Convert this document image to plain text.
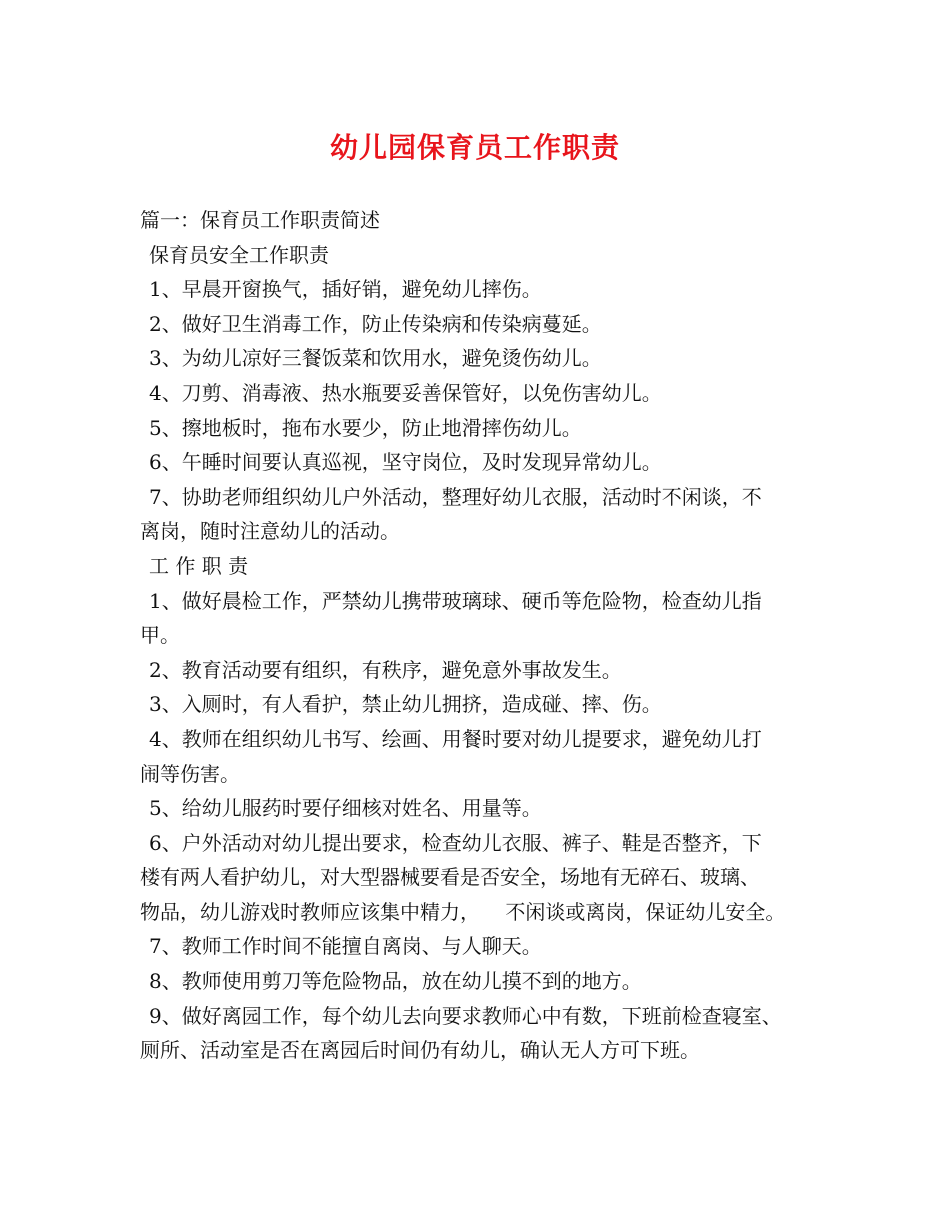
幼儿园保育员工作职责
篇一：保育员工作职责简述
保育员安全工作职责
1、早晨开窗换气，插好销，避免幼儿摔伤。
2、做好卫生消毒工作，防止传染病和传染病蔓延。
3、为幼儿凉好三餐饭菜和饮用水，避免烫伤幼儿。
4、刀剪、消毒液、热水瓶要妥善保管好，以免伤害幼儿。
5、擦地板时，拖布水要少，防止地滑摔伤幼儿。
6、午睡时间要认真巡视，坚守岗位，及时发现异常幼儿。
7、协助老师组织幼儿户外活动，整理好幼儿衣服，活动时不闲谈，不
离岗，随时注意幼儿的活动。
工 作 职 责
1、做好晨检工作，严禁幼儿携带玻璃球、硬币等危险物，检查幼儿指
甲。
2、教育活动要有组织，有秩序，避免意外事故发生。
3、入厕时，有人看护，禁止幼儿拥挤，造成碰、摔、伤。
4、教师在组织幼儿书写、绘画、用餐时要对幼儿提要求，避免幼儿打
闹等伤害。
5、给幼儿服药时要仔细核对姓名、用量等。
6、户外活动对幼儿提出要求，检查幼儿衣服、裤子、鞋是否整齐，下
楼有两人看护幼儿，对大型器械要看是否安全，场地有无碎石、玻璃、
物品，幼儿游戏时教师应该集中精力，    不闲谈或离岗，保证幼儿安全。
7、教师工作时间不能擅自离岗、与人聊天。
8、教师使用剪刀等危险物品，放在幼儿摸不到的地方。
9、做好离园工作，每个幼儿去向要求教师心中有数，下班前检查寝室、
厕所、活动室是否在离园后时间仍有幼儿，确认无人方可下班。
